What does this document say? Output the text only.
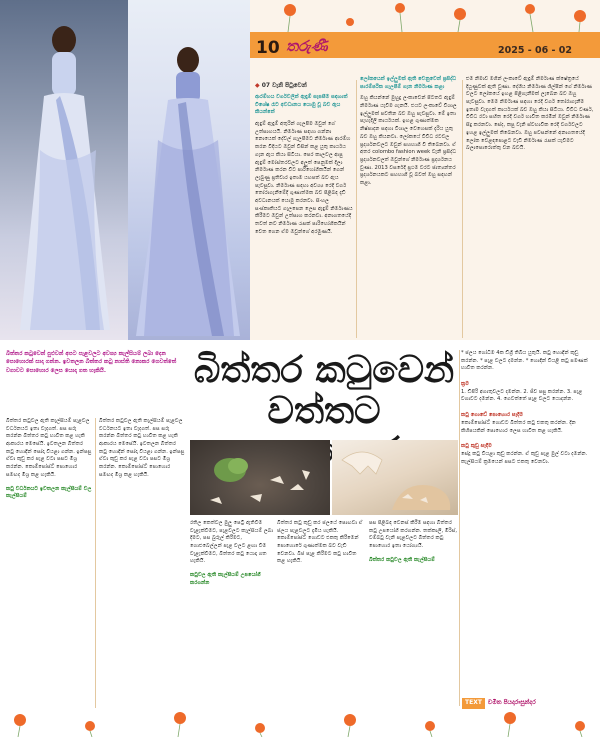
10 තරුණී	2025 - 06 - 02
◆ 07 වැනි පිටුවෙන්

ආරම්භය වර්ගවලින් ඇඳුම් සැපසීම සඳහාත් විශේෂ රෑට අවධානය යොමු වූ බව ඇය කියන්නේ

ඇඳුම් ඇඳුම් අතුරින් ගැලපීම ඔවුන් ගේ උත්සාහයයි. නිර්මාණ සඳහා ගන්නා නොයෙක් දේවල් ගැලපීමට නිර්මාණ ආරම්භ කරන විදියට ඔවුන් විසින් කළ යුතු කාර්යය ගැන ඇය කියා සිටියා. පෙර කාලවල ආපු ඇඳුම් මෝස්තරවලට අලුත් පෙනුමක් දීලා නිර්මාණ කරන විට පාරිභෝගිකයින් ගෙන් ලැබුණු ප්‍රතිචාර ඉතාම යහපත් බව ඇය පැවසුවා. නිර්මාණ සඳහා අවශ්‍ය රෙදි වර්ග තෝරාගැනීමේදී ගුණාත්මක බව පිළිබඳ දැඩි අවධානයක් යොමු කරනවා. සිංහල සංස්කෘතියට ගැලපෙන ලෙස ඇඳුම් නිර්මාණය කිරීමට ඔවුන් උත්සාහ කරනවා. අනාගතයේදී තවත් නව නිර්මාණ රැසක් පාරිභෝගිකයින් වෙත ගෙන ඒම ඔවුන්ගේ අරමුණයි.

ලෝකයෙන් ඉල්ලුමක් ඇති වෙනුවෙන් ප්‍රසිද්ධ පාරම්පරික ගැලපීම් ගැන නිර්මාණ කළා

ඔහු කියන්නේ මුහුදු ලංකාවෙන් පිටතට ඇඳුම් නිර්මාණ යැවීම ගැනයි. එයට ලංකාවේ විශාල ඉල්ලුමක් පවතින බව ඔහු පැවසුවා. මේ ඉතා පැහැදිලි කාර්යයක්. ඉහළ ගුණාත්මක නිෂ්පාදන සඳහා විශාල වෙහෙසක් දැරිය යුතු බව ඔහු කියනවා. ලෝකයේ විවිධ රටවල ප්‍රදර්ශනවලට ඔවුන් සහභාගී වී තිබෙනවා. ඒ අතර colombo fashion week වැනි ප්‍රසිද්ධ ප්‍රදර්ශනවලත් ඔවුන්ගේ නිර්මාණ ප්‍රදර්ශනය වුණා. 2013 වසරේදී ප්‍රථම වරට ජාත්‍යන්තර ප්‍රදර්ශනයකට සහභාගී වූ බවත් ඔහු සඳහන් කළා.

එම නිමාව මගින් ලංකාවේ ඇඳුම් නිර්මාණ ක්ෂේත්‍රයේ දියුණුවක් ඇති වුණා. දේශීය නිර්මාණ ශිල්පීන් ගේ නිර්මාණ වලට ලෝකයේ ඉහළ පිළිගැනීමක් ලැබෙන බව ඔහු පැවසුවා. මෙම නිර්මාණ සඳහා රෙදි වර්ග තෝරාගැනීම ඉතාම වැදගත් කාර්යයක් බව ඔහු කියා සිටියා. විවිධ වර්ණ, විවිධ රටා සහිත රෙදි වර්ග භාවිත කරමින් ඔවුන් නිර්මාණ සිදු කරනවා. සේද, කපු වැනි ස්වභාවික රෙදි වර්ගවලට ඉහළ ඉල්ලුමක් තිබෙනවා. ඔහු පවසන්නේ අනාගතයේදී ලෝක වෙළඳපොළට වැඩි නිර්මාණ රැසක් යැවීමට බලාපොරොත්තු වන බවයි.

බිත්තර කටුවෙන් පුළුවන් අපට පැළවලට අවශ්‍ය කැල්සියම් ලබා දෙන පොහොරක් සාදා ගන්න. ඉවතලන බිත්තර කටු නාස්ති නොකර ගෙවත්තේ වගාවට පොහොර ලෙස යොදා ගත හැකියි.	බිත්තර කටුවෙන්
වත්තට

බිත්තර කටුවල ඇති කැල්සියම් පැළවල වර්ධනයට ඉතා වැදගත්. පස සරු කරන්න බිත්තර කටු භාවිත කළ හැකි ආකාරය මෙසේයි. ඉවතලන බිත්තර කටු හොඳින් සෝදා වියළා ගන්න. ඉන්පසු ඒවා කුඩු කර පැළ වටා පසට මිශ්‍ර කරන්න. කොම්පෝස්ට් පොහොර සමඟද මිශ්‍ර කළ හැකියි.

කටු වර්ධනයට ඉවතලන කැල්සියම් වල කැල්සියම්

බිත්තර කටුවල ඇති කැල්සියම් පැළවල වර්ධනයට ඉතා වැදගත්. පස සරු කරන්න බිත්තර කටු භාවිත කළ හැකි ආකාරය මෙසේයි. ඉවතලන බිත්තර කටු හොඳින් සෝදා වියළා ගන්න. ඉන්පසු ඒවා කුඩු කර පැළ වටා පසට මිශ්‍ර කරන්න. කොම්පෝස්ට් පොහොර සමඟද මිශ්‍ර කළ හැකියි.

රතිල කෙත්වල මුලු පෙට්‍රි ඇතිවීම වැළැක්වීමට, පැළවලට කැල්සියම් ලබා දීමට, පස බුරුල් කිරීමට, ගොළුබෙල්ලන් පැළ වලට ළඟා වීම වැළැක්වීමට, බිත්තර කටු යොදා ගත හැකියි.

කටුවල ඇති කැල්සියම් උපයෝගී කරගන්න

බිත්තර කටු කුඩු කර ජලයේ පොඟවා ඒ ජලය පැළවලට දැමිය හැකියි. කොම්පෝස්ට් ගොඩට එකතු කිරීමෙන් පොහොරේ ගුණාත්මක බව වැඩි වෙනවා. බීජ පැළ කිරීමට කටු භාවිත කළ හැකියි.

පස පිළිබඳ වෙනස් කිරීම සඳහා බිත්තර කටු උපයෝගී කරගන්න. තක්කාලි, මිරිස්, වම්බටු වැනි පැළවලට බිත්තර කටු පොහොර ඉතා යෝග්‍යයි.

බිත්තර කටුවල ඇති කැල්සියම්

* ජලය ගෝධීම 4ක ඩිග්‍රි තිබිය යුතුයි. කටු හොඳින් කුඩු කරන්න. * පැළ වලට දමන්න. * හොඳින් වියළි කටු පමණක් භාවිත කරන්න.

ක්‍රම

1. ඩිපිරි අගාතුවලට දමන්න. 2. ජිව පසු කරන්න. 3. පැළ වගාවට දමන්න. 4. ගෙවත්තේ පැළ වලට යොදන්න.

කටු ගොඩේ පොහොර සෑදීම

කොම්පෝස්ට් ගොඩට බිත්තර කටු එකතු කරන්න. දින කිහිපයකින් පොහොර ලෙස භාවිත කළ හැකියි.

කටු කුඩු සෑදීම

සේදූ කටු වියළා කුඩු කරන්න. ඒ කුඩු පැළ මුල් වටා දමන්න. කැල්සියම් ක්‍රමයෙන් පසට එකතු වෙනවා.

TEXT	චමිත පියදාරාසුන්දර
